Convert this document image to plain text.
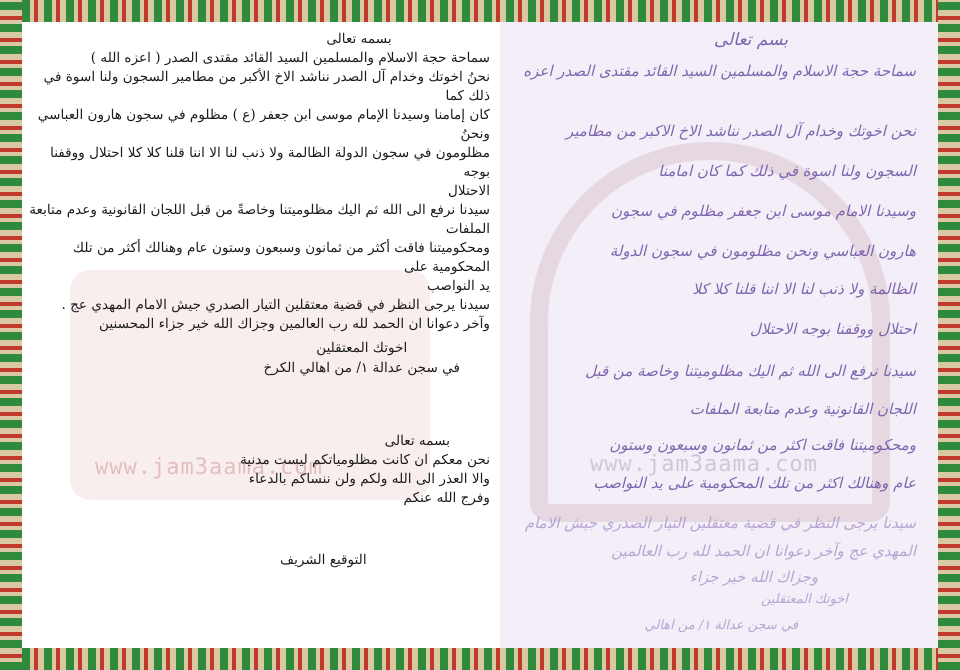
www.jam3aama.com

بسمه تعالى

سماحة حجة الاسلام والمسلمين السيد القائد مقتدى الصدر ( اعزه الله )

نحنُ اخوتك وخدام آل الصدر نناشد الاخ الأكبر من مطامير السجون ولنا اسوة في ذلك كما

كان إمامنا وسيدنا الإمام موسى ابن جعفر (ع ) مظلوم في سجون هارون العباسي ونحنُ

مظلومون في سجون الدولة الظالمة ولا ذنب لنا الا اننا قلنا كلا كلا احتلال ووقفنا بوجه

الاحتلال

سيدنا نرفع الى الله ثم اليك مظلوميتنا وخاصةً من قبل اللجان القانونية وعدم متابعة الملفات

ومحكوميتنا فاقت أكثر من ثمانون وسبعون وستون عام وهنالك أكثر من تلك المحكومية على

يد النواصب

سيدنا يرجى النظر في قضية معتقلين التيار الصدري جيش الامام المهدي عج .

وآخر دعوانا ان الحمد لله رب العالمين وجزاك الله خير جزاء المحسنين

اخوتك المعتقلين
في سجن عدالة ١/ من اهالي الكرخ

بسمه تعالى

نحن معكم ان كانت مظلومياتكم ليست مدنية

والا العذر الى الله ولكم ولن ننساكم بالدعاء

وفرج الله عنكم

التوقيع الشريف
www.jam3aama.com
بسم تعالى
سماحة حجة الاسلام والمسلمين السيد القائد مقتدى الصدر اعزه
نحن اخوتك وخدام آل الصدر نناشد الاخ الاكبر من مطامير
السجون ولنا اسوة في ذلك كما كان امامنا
وسيدنا الامام موسى ابن جعفر مظلوم في سجون
هارون العباسي ونحن مظلومون في سجون الدولة
الظالمة ولا ذنب لنا الا اننا قلنا كلا كلا
احتلال ووقفنا بوجه الاحتلال
سيدنا نرفع الى الله ثم اليك مظلوميتنا وخاصة من قبل
اللجان القانونية وعدم متابعة الملفات
ومحكوميتنا فاقت اكثر من ثمانون وسبعون وستون
عام وهنالك اكثر من تلك المحكومية على يد النواصب
سيدنا يرجى النظر في قضية معتقلين التيار الصدري جيش الامام
المهدي عج وآخر دعوانا ان الحمد لله رب العالمين
وجزاك الله خير جزاء
اخوتك المعتقلين
في سجن عدالة ١/ من اهالي
